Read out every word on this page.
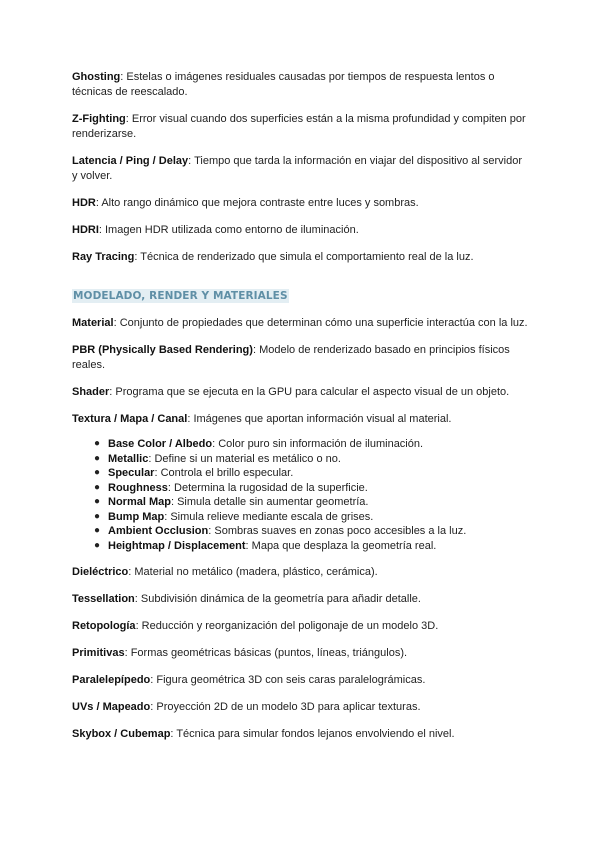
Ghosting: Estelas o imágenes residuales causadas por tiempos de respuesta lentos o técnicas de reescalado.

Z-Fighting: Error visual cuando dos superficies están a la misma profundidad y compiten por renderizarse.

Latencia / Ping / Delay: Tiempo que tarda la información en viajar del dispositivo al servidor y volver.

HDR: Alto rango dinámico que mejora contraste entre luces y sombras.

HDRI: Imagen HDR utilizada como entorno de iluminación.

Ray Tracing: Técnica de renderizado que simula el comportamiento real de la luz.

MODELADO, RENDER Y MATERIALES

Material: Conjunto de propiedades que determinan cómo una superficie interactúa con la luz.

PBR (Physically Based Rendering): Modelo de renderizado basado en principios físicos reales.

Shader: Programa que se ejecuta en la GPU para calcular el aspecto visual de un objeto.

Textura / Mapa / Canal: Imágenes que aportan información visual al material.

● Base Color / Albedo: Color puro sin información de iluminación.
● Metallic: Define si un material es metálico o no.
● Specular: Controla el brillo especular.
● Roughness: Determina la rugosidad de la superficie.
● Normal Map: Simula detalle sin aumentar geometría.
● Bump Map: Simula relieve mediante escala de grises.
● Ambient Occlusion: Sombras suaves en zonas poco accesibles a la luz.
● Heightmap / Displacement: Mapa que desplaza la geometría real.

Dieléctrico: Material no metálico (madera, plástico, cerámica).

Tessellation: Subdivisión dinámica de la geometría para añadir detalle.

Retopología: Reducción y reorganización del poligonaje de un modelo 3D.

Primitivas: Formas geométricas básicas (puntos, líneas, triángulos).

Paralelepípedo: Figura geométrica 3D con seis caras paralelográmicas.

UVs / Mapeado: Proyección 2D de un modelo 3D para aplicar texturas.

Skybox / Cubemap: Técnica para simular fondos lejanos envolviendo el nivel.
